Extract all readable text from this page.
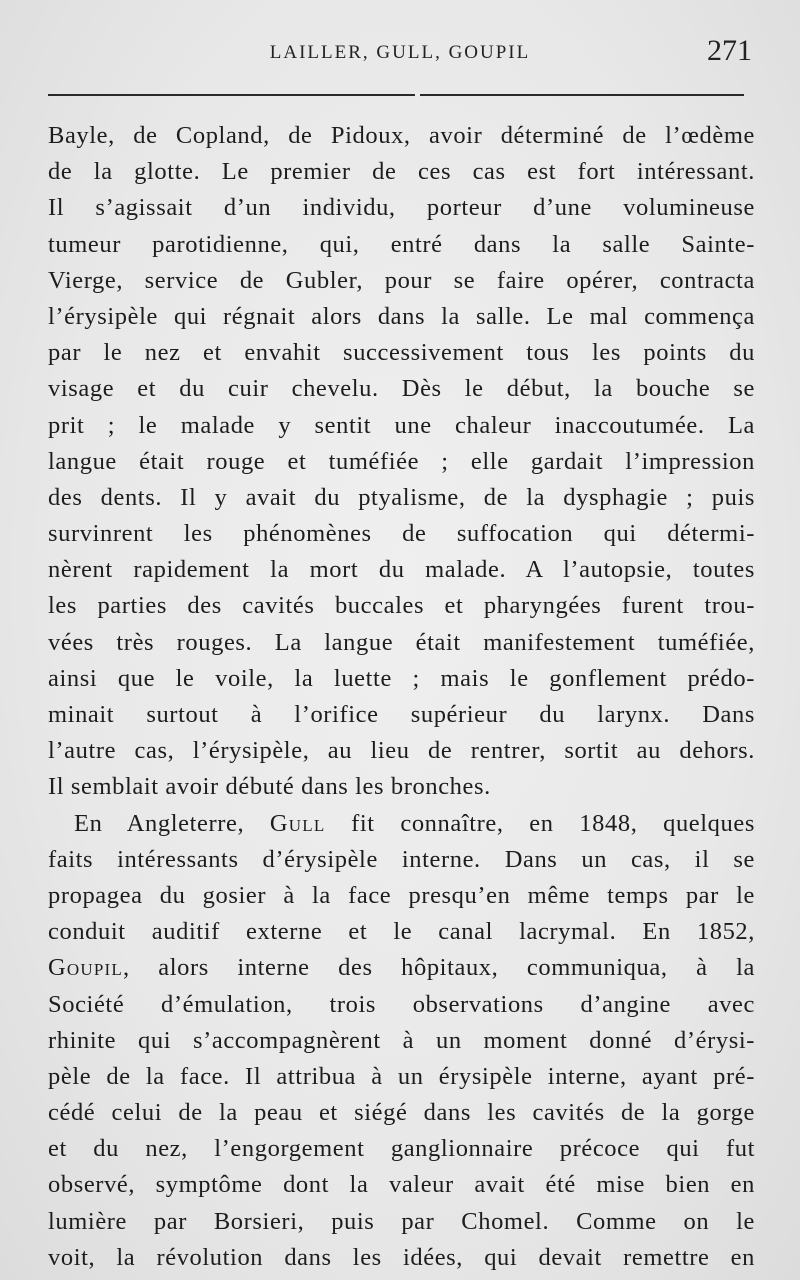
LAILLER, GULL, GOUPIL	271
Bayle, de Copland, de Pidoux, avoir déterminé de l’œdème
de la glotte. Le premier de ces cas est fort intéressant.
Il s’agissait d’un individu, porteur d’une volumineuse
tumeur parotidienne, qui, entré dans la salle Sainte-
Vierge, service de Gubler, pour se faire opérer, contracta
l’érysipèle qui régnait alors dans la salle. Le mal commença
par le nez et envahit successivement tous les points du
visage et du cuir chevelu. Dès le début, la bouche se
prit ; le malade y sentit une chaleur inaccoutumée. La
langue était rouge et tuméfiée ; elle gardait l’impression
des dents. Il y avait du ptyalisme, de la dysphagie ; puis
survinrent les phénomènes de suffocation qui détermi-
nèrent rapidement la mort du malade. A l’autopsie, toutes
les parties des cavités buccales et pharyngées furent trou-
vées très rouges. La langue était manifestement tuméfiée,
ainsi que le voile, la luette ; mais le gonflement prédo-
minait surtout à l’orifice supérieur du larynx. Dans
l’autre cas, l’érysipèle, au lieu de rentrer, sortit au dehors.
Il semblait avoir débuté dans les bronches.
En Angleterre, Gull fit connaître, en 1848, quelques
faits intéressants d’érysipèle interne. Dans un cas, il se
propagea du gosier à la face presqu’en même temps par le
conduit auditif externe et le canal lacrymal. En 1852,
Goupil, alors interne des hôpitaux, communiqua, à la
Société d’émulation, trois observations d’angine avec
rhinite qui s’accompagnèrent à un moment donné d’érysi-
pèle de la face. Il attribua à un érysipèle interne, ayant pré-
cédé celui de la peau et siégé dans les cavités de la gorge
et du nez, l’engorgement ganglionnaire précoce qui fut
observé, symptôme dont la valeur avait été mise bien en
lumière par Borsieri, puis par Chomel. Comme on le
voit, la révolution dans les idées, qui devait remettre en
